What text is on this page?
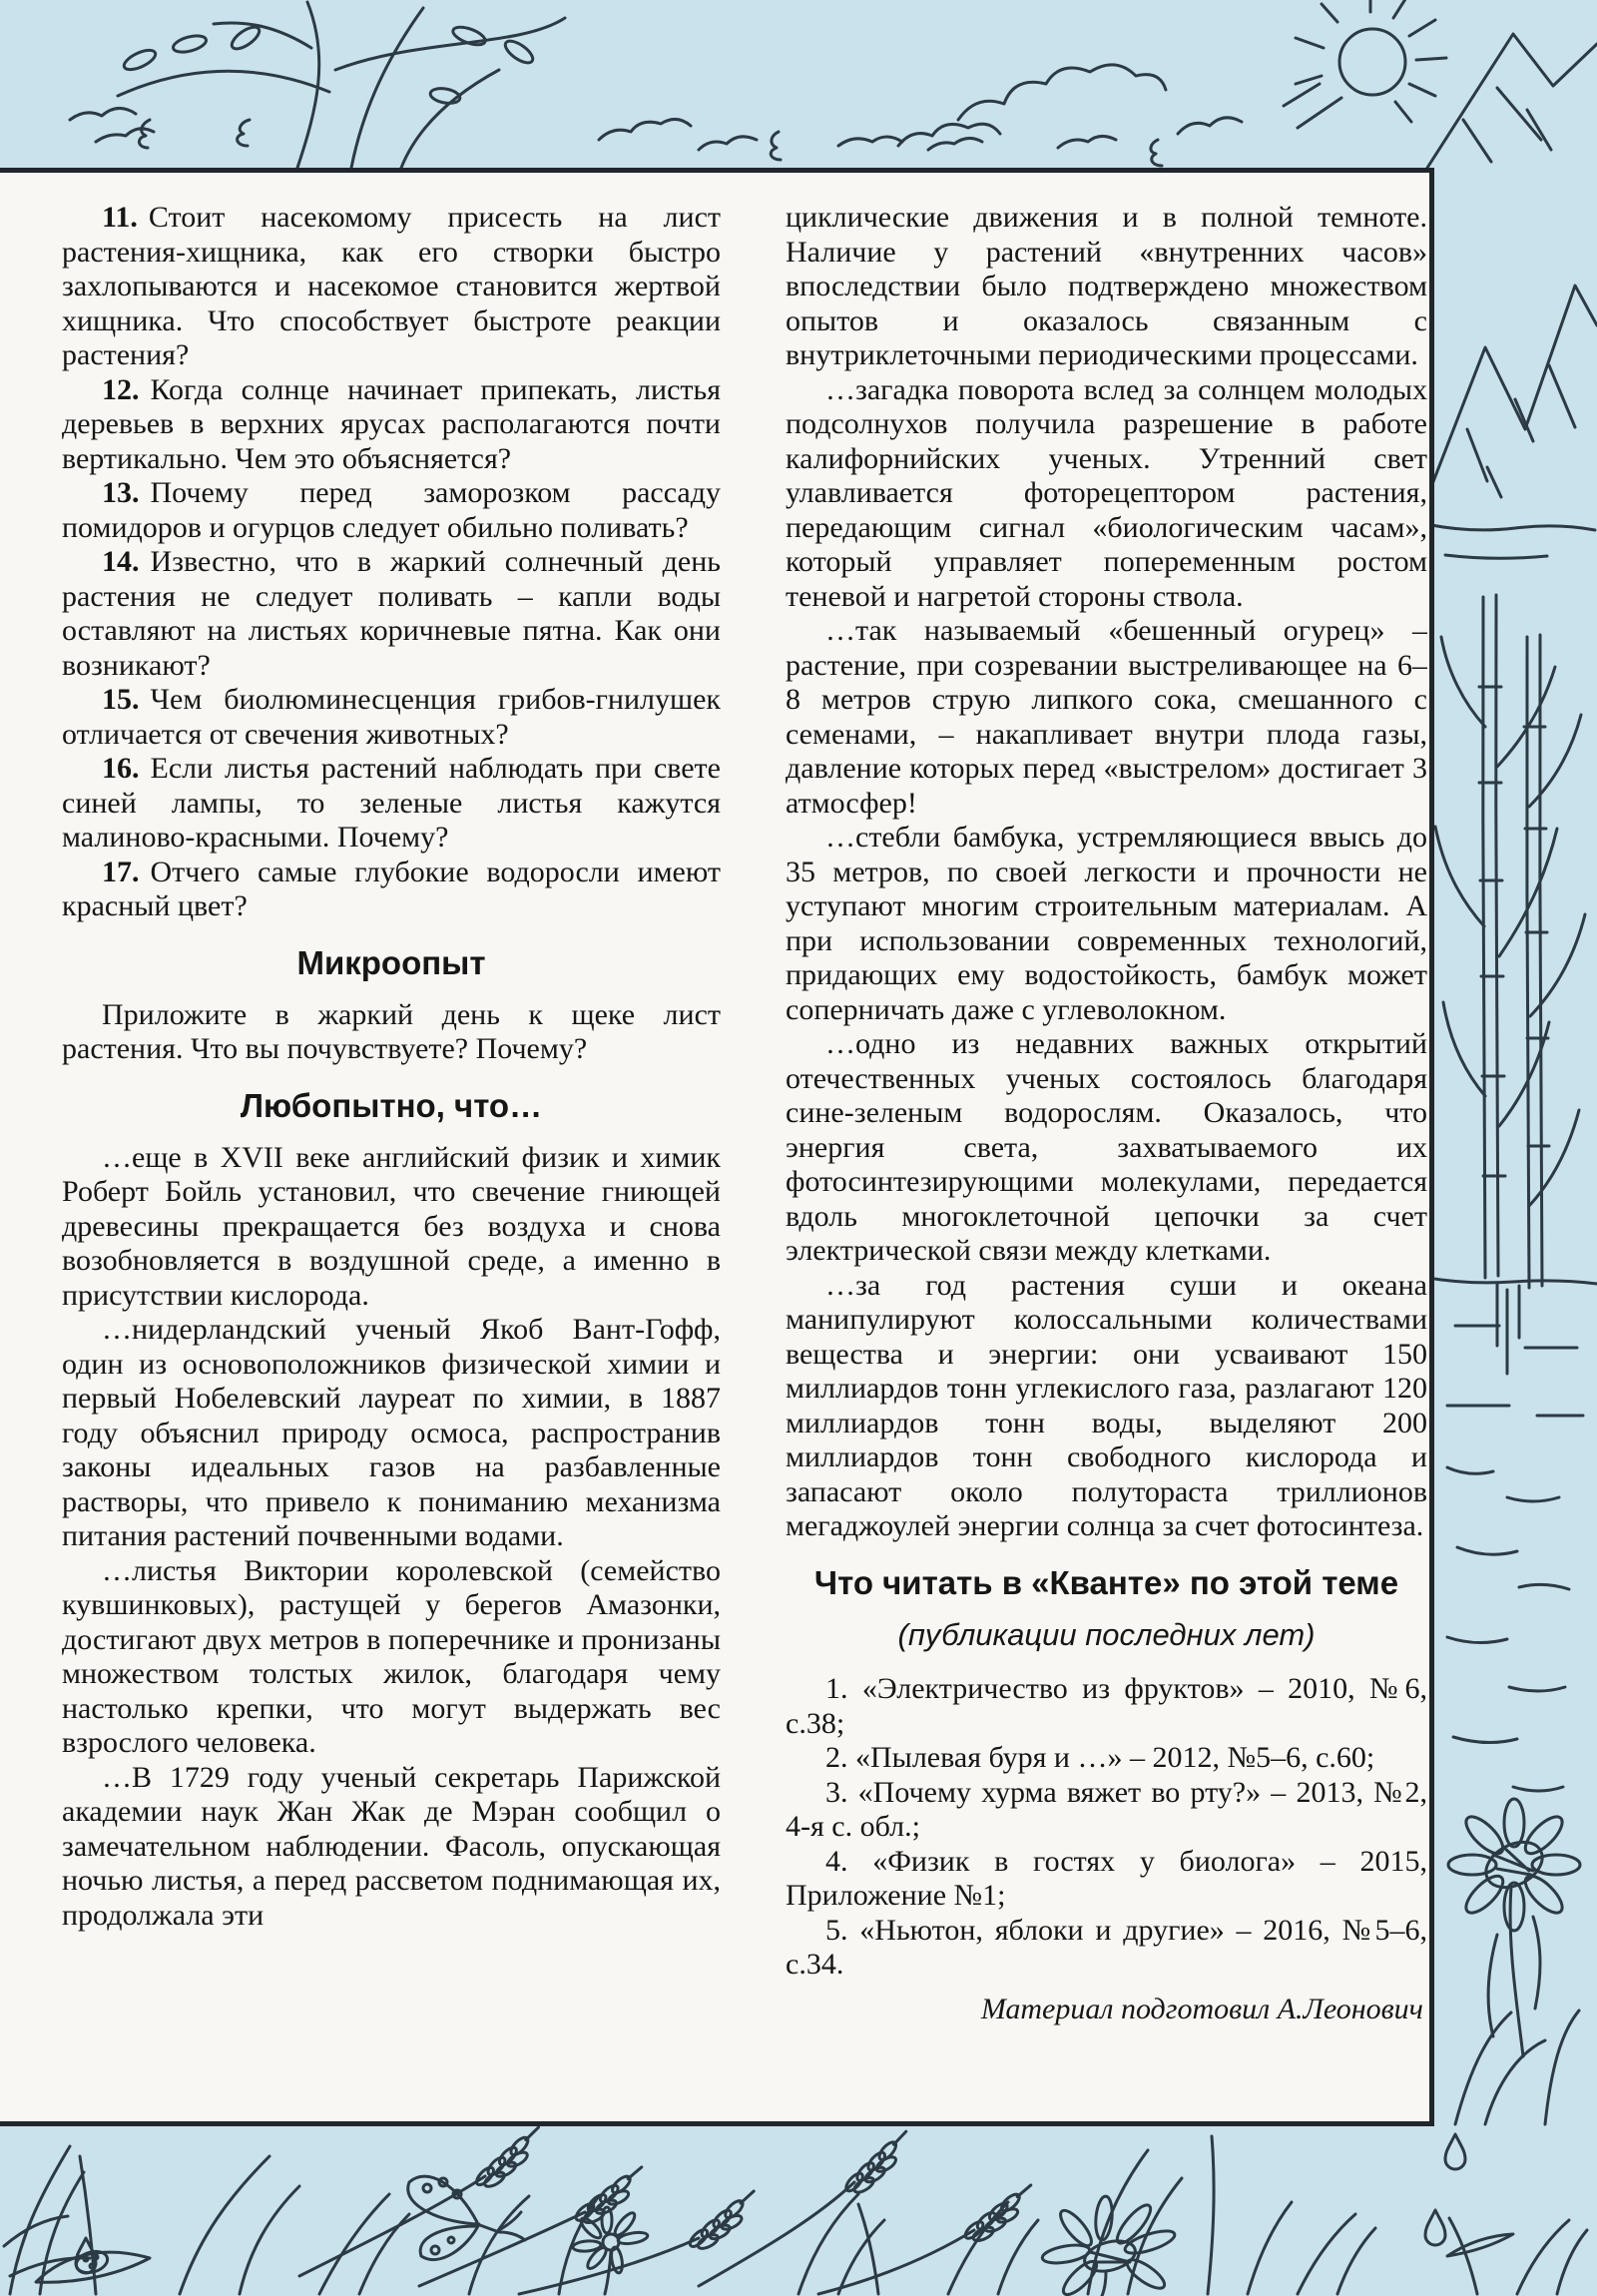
11. Стоит насекомому присесть на лист растения-хищника, как его створки быстро захлопываются и насекомое становится жертвой хищника. Что способствует быстроте реакции растения?

12. Когда солнце начинает припекать, листья деревьев в верхних ярусах располагаются почти вертикально. Чем это объясняется?

13. Почему перед заморозком рассаду помидоров и огурцов следует обильно поливать?

14. Известно, что в жаркий солнечный день растения не следует поливать – капли воды оставляют на листьях коричневые пятна. Как они возникают?

15. Чем биолюминесценция грибов-гнилушек отличается от свечения животных?

16. Если листья растений наблюдать при свете синей лампы, то зеленые листья кажутся малиново-красными. Почему?

17. Отчего самые глубокие водоросли имеют красный цвет?

Микроопыт

Приложите в жаркий день к щеке лист растения. Что вы почувствуете? Почему?

Любопытно, что…

…еще в XVII веке английский физик и химик Роберт Бойль установил, что свечение гниющей древесины прекращается без воздуха и снова возобновляется в воздушной среде, а именно в присутствии кислорода.

…нидерландский ученый Якоб Вант-Гофф, один из основоположников физической химии и первый Нобелевский лауреат по химии, в 1887 году объяснил природу осмоса, распространив законы идеальных газов на разбавленные растворы, что привело к пониманию механизма питания растений почвенными водами.

…листья Виктории королевской (семейство кувшинковых), растущей у берегов Амазонки, достигают двух метров в поперечнике и пронизаны множеством толстых жилок, благодаря чему настолько крепки, что могут выдержать вес взрослого человека.

…В 1729 году ученый секретарь Парижской академии наук Жан Жак де Мэран сообщил о замечательном наблюдении. Фасоль, опускающая ночью листья, а перед рассветом поднимающая их, продолжала эти

циклические движения и в полной темноте. Наличие у растений «внутренних часов» впоследствии было подтверждено множеством опытов и оказалось связанным с внутриклеточными периодическими процессами.

…загадка поворота вслед за солнцем молодых подсолнухов получила разрешение в работе калифорнийских ученых. Утренний свет улавливается фоторецептором растения, передающим сигнал «биологическим часам», который управляет попеременным ростом теневой и нагретой стороны ствола.

…так называемый «бешенный огурец» – растение, при созревании выстреливающее на 6–8 метров струю липкого сока, смешанного с семенами, – накапливает внутри плода газы, давление которых перед «выстрелом» достигает 3 атмосфер!

…стебли бамбука, устремляющиеся ввысь до 35 метров, по своей легкости и прочности не уступают многим строительным материалам. А при использовании современных технологий, придающих ему водостойкость, бамбук может соперничать даже с углеволокном.

…одно из недавних важных открытий отечественных ученых состоялось благодаря сине-зеленым водорослям. Оказалось, что энергия света, захватываемого их фотосинтезирующими молекулами, передается вдоль многоклеточной цепочки за счет электрической связи между клетками.

…за год растения суши и океана манипулируют колоссальными количествами вещества и энергии: они усваивают 150 миллиардов тонн углекислого газа, разлагают 120 миллиардов тонн воды, выделяют 200 миллиардов тонн свободного кислорода и запасают около полутораста триллионов мегаджоулей энергии солнца за счет фотосинтеза.

Что читать в «Кванте» по этой теме

(публикации последних лет)

1. «Электричество из фруктов» – 2010, №6, с.38;

2. «Пылевая буря и …» – 2012, №5–6, с.60;

3. «Почему хурма вяжет во рту?» – 2013, №2, 4-я с. обл.;

4. «Физик в гостях у биолога» – 2015, Приложение №1;

5. «Ньютон, яблоки и другие» – 2016, №5–6, с.34.

Материал подготовил А.Леонович
